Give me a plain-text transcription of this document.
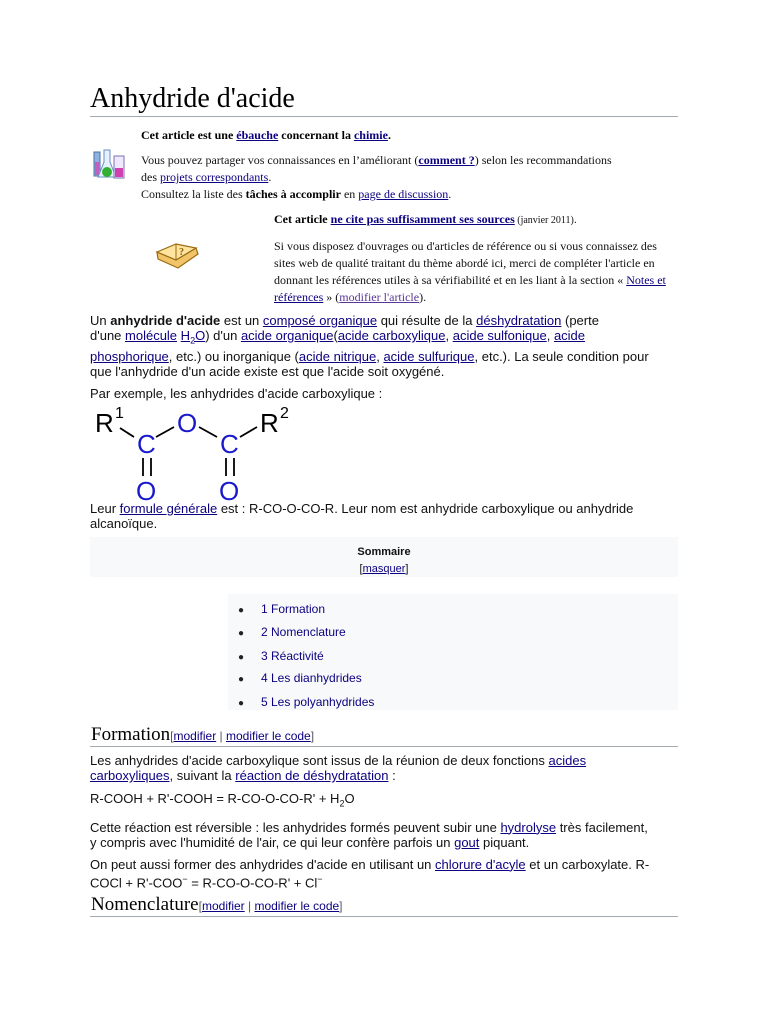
Anhydride d'acide
Cet article est une ébauche concernant la chimie.
Vous pouvez partager vos connaissances en l’améliorant (comment ?) selon les recommandations
des projets correspondants.
Consultez la liste des tâches à accomplir en page de discussion.
?
Cet article ne cite pas suffisamment ses sources (janvier 2011).
Si vous disposez d'ouvrages ou d'articles de référence ou si vous connaissez des
sites web de qualité traitant du thème abordé ici, merci de compléter l'article en
donnant les références utiles à sa vérifiabilité et en les liant à la section « Notes et
références » (modifier l'article).
Un anhydride d'acide est un composé organique qui résulte de la déshydratation (perte
d'une molécule $H_2O$) d'un acide organique(acide carboxylique, acide sulfonique, acide
phosphorique, etc.) ou inorganique (acide nitrique, acide sulfurique, etc.). La seule condition pour
que l'anhydride d'un acide existe est que l'acide soit oxygéné.
Par exemple, les anhydrides d'acide carboxylique :
R 1
C
O
C
R 2
O O
Leur formule générale est : R-CO-O-CO-R. Leur nom est anhydride carboxylique ou anhydride
alcanoïque.
Sommaire
[masquer]
● 1 Formation
● 2 Nomenclature
● 3 Réactivité
● 4 Les dianhydrides
● 5 Les polyanhydrides
Formation[modifier | modifier le code]
Les anhydrides d'acide carboxylique sont issus de la réunion de deux fonctions acides
carboxyliques, suivant la réaction de déshydratation :
R-COOH + R'-COOH = $R-CO-O-CO-R' + H_2O$
Cette réaction est réversible : les anhydrides formés peuvent subir une hydrolyse très facilement,
y compris avec l'humidité de l'air, ce qui leur confère parfois un gout piquant.
On peut aussi former des anhydrides d'acide en utilisant un chlorure d'acyle et un carboxylate. R-
COCl + R'-COO− = R-CO-O-CO-R' + Cl−
Nomenclature[modifier | modifier le code]
